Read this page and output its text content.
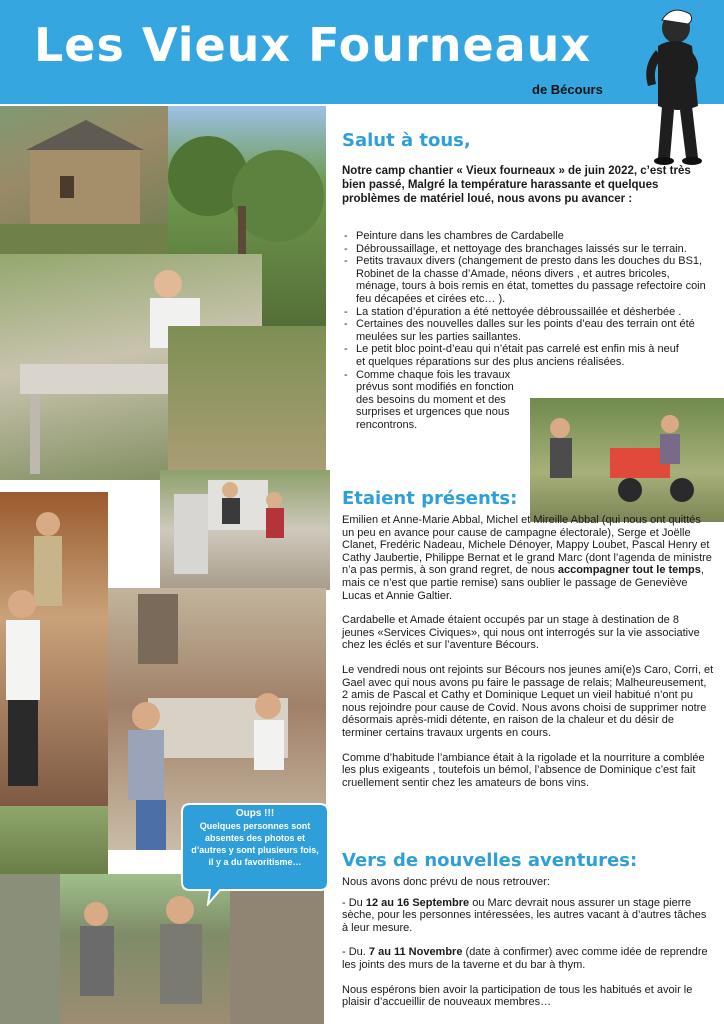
Les Vieux Fourneaux
de Bécours
Oups !!!
Quelques personnes sont absentes des photos et d’autres y sont plusieurs fois, il y a du favoritisme…
Salut à tous,
Notre camp chantier « Vieux fourneaux » de juin 2022, c’est très bien passé, Malgré la température harassante et quelques problèmes de matériel loué, nous avons pu avancer :
- Peinture dans les chambres de Cardabelle
- Débroussaillage, et nettoyage des branchages laissés sur le terrain.
- Petits travaux divers (changement de presto dans les douches du BS1, Robinet de la chasse d’Amade, néons divers , et autres bricoles, ménage, tours à bois remis en état, tomettes du passage refectoire coin feu décapées et cirées etc… ).
- La station d’épuration a été nettoyée débroussaillée et désherbée .
- Certaines des nouvelles dalles sur les points d’eau des terrain ont été meulées sur les parties saillantes.
- Le petit bloc point-d’eau qui n’était pas carrelé est enfin mis à neuf et quelques réparations sur des plus anciens réalisées.
- Comme chaque fois les travaux prévus sont modifiés en fonction des besoins du moment et des surprises et urgences que nous rencontrons.
Etaient présents:

Emilien et Anne-Marie Abbal, Michel et Mireille Abbal (qui nous ont quittés un peu en avance pour cause de campagne électorale), Serge et Joëlle Clanet, Fredéric Nadeau, Michele Dénoyer, Mappy Loubet, Pascal Henry et Cathy Jaubertie, Philippe Bernat et le grand Marc (dont l’agenda de ministre n’a pas permis, à son grand regret, de nous accompagner tout le temps, mais ce n’est que partie remise) sans oublier le passage de Geneviève Lucas et Annie Galtier.

Cardabelle et Amade étaient occupés par un stage à destination de 8 jeunes «Services Civiques», qui nous ont interrogés sur la vie associative chez les éclés et sur l’aventure Bécours.

Le vendredi nous ont rejoints sur Bécours nos jeunes ami(e)s Caro, Corri, et Gael avec qui nous avons pu faire le passage de relais; Malheureusement, 2 amis de Pascal et Cathy et Dominique Lequet un vieil habitué n’ont pu nous rejoindre pour cause de Covid. Nous avons choisi de supprimer notre désormais après-midi détente, en raison de la chaleur et du désir de terminer certains travaux urgents en cours.

Comme d’habitude l’ambiance était à la rigolade et la nourriture a comblée les plus exigeants , toutefois un bémol, l’absence de Dominique c’est fait cruellement sentir chez les amateurs de bons vins.

Vers de nouvelles aventures:

Nous avons donc prévu de nous retrouver:

- Du 12 au 16 Septembre ou Marc devrait nous assurer un stage pierre sèche, pour les personnes intéressées, les autres vacant à d’autres tâches à leur mesure.

- Du. 7 au 11 Novembre (date à confirmer) avec comme idée de reprendre les joints des murs de la taverne et du bar à thym.

Nous espérons bien avoir la participation de tous les habitués et avoir le plaisir d’accueillir de nouveaux membres…
